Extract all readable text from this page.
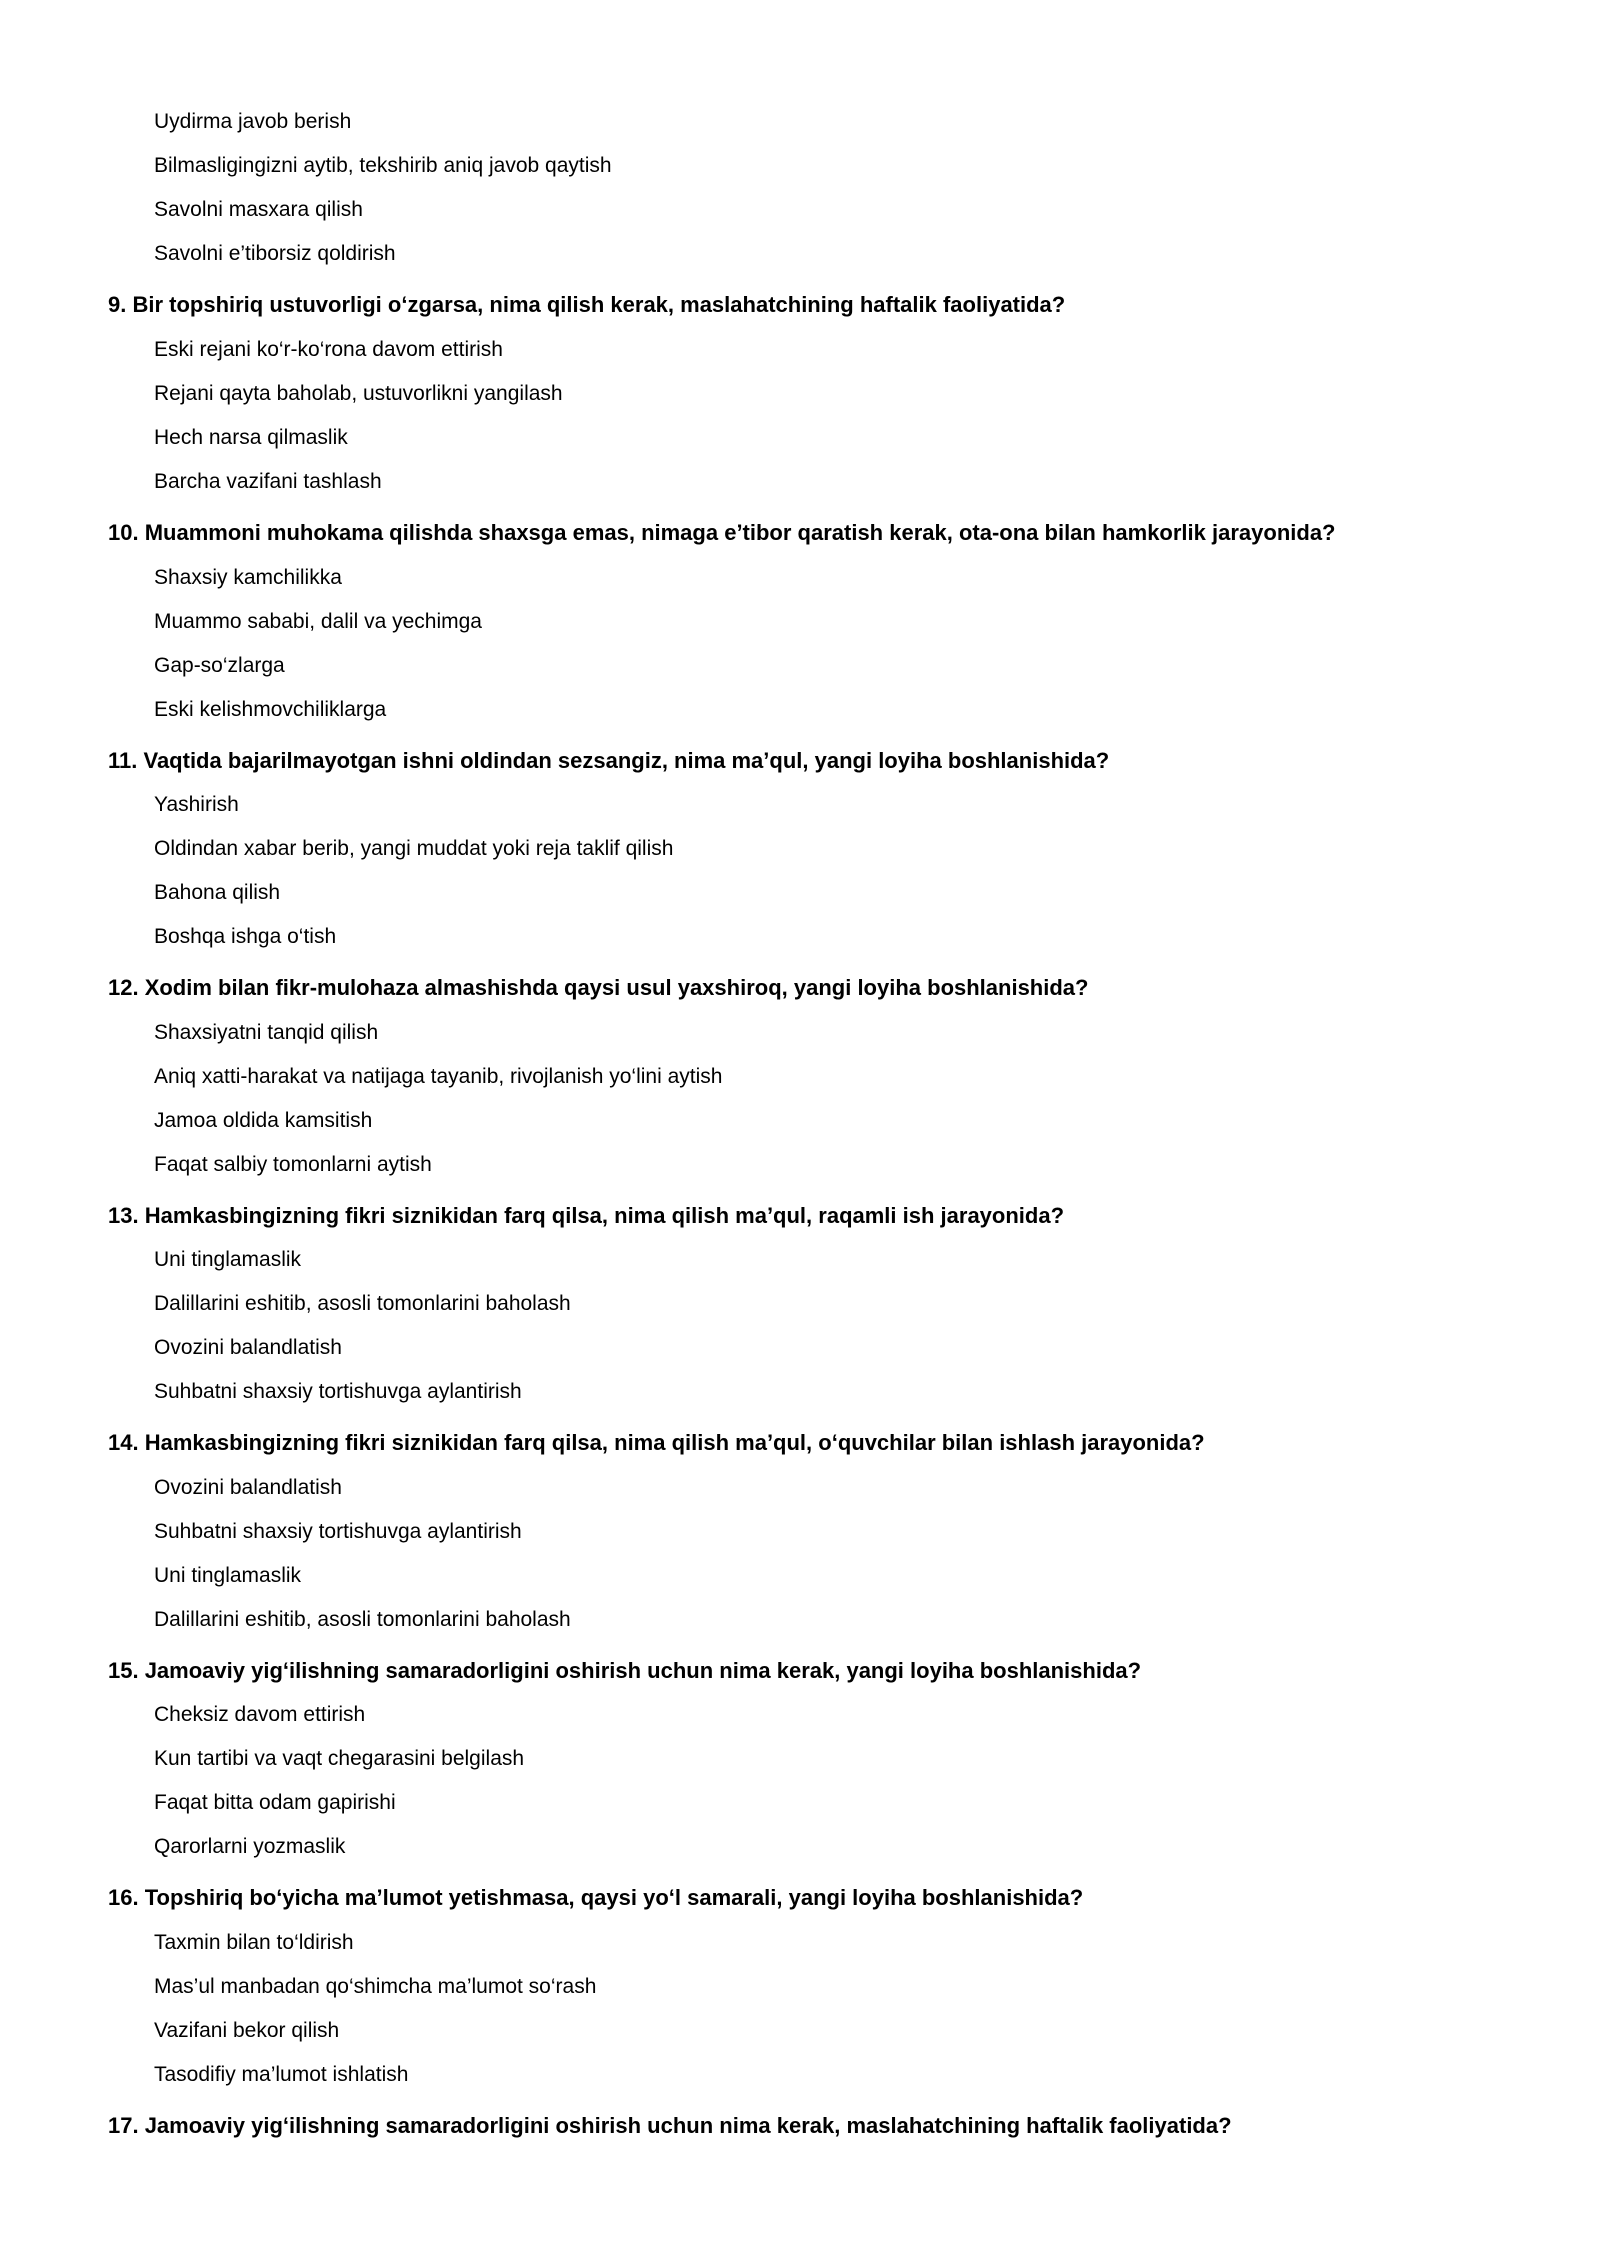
Uydirma javob berish
Bilmasligingizni aytib, tekshirib aniq javob qaytish
Savolni masxara qilish
Savolni e’tiborsiz qoldirish
9. Bir topshiriq ustuvorligi o‘zgarsa, nima qilish kerak, maslahatchining haftalik faoliyatida?
Eski rejani ko‘r-ko‘rona davom ettirish
Rejani qayta baholab, ustuvorlikni yangilash
Hech narsa qilmaslik
Barcha vazifani tashlash
10. Muammoni muhokama qilishda shaxsga emas, nimaga e’tibor qaratish kerak, ota-ona bilan hamkorlik jarayonida?
Shaxsiy kamchilikka
Muammo sababi, dalil va yechimga
Gap-so‘zlarga
Eski kelishmovchiliklarga
11. Vaqtida bajarilmayotgan ishni oldindan sezsangiz, nima ma’qul, yangi loyiha boshlanishida?
Yashirish
Oldindan xabar berib, yangi muddat yoki reja taklif qilish
Bahona qilish
Boshqa ishga o‘tish
12. Xodim bilan fikr-mulohaza almashishda qaysi usul yaxshiroq, yangi loyiha boshlanishida?
Shaxsiyatni tanqid qilish
Aniq xatti-harakat va natijaga tayanib, rivojlanish yo‘lini aytish
Jamoa oldida kamsitish
Faqat salbiy tomonlarni aytish
13. Hamkasbingizning fikri siznikidan farq qilsa, nima qilish ma’qul, raqamli ish jarayonida?
Uni tinglamaslik
Dalillarini eshitib, asosli tomonlarini baholash
Ovozini balandlatish
Suhbatni shaxsiy tortishuvga aylantirish
14. Hamkasbingizning fikri siznikidan farq qilsa, nima qilish ma’qul, o‘quvchilar bilan ishlash jarayonida?
Ovozini balandlatish
Suhbatni shaxsiy tortishuvga aylantirish
Uni tinglamaslik
Dalillarini eshitib, asosli tomonlarini baholash
15. Jamoaviy yig‘ilishning samaradorligini oshirish uchun nima kerak, yangi loyiha boshlanishida?
Cheksiz davom ettirish
Kun tartibi va vaqt chegarasini belgilash
Faqat bitta odam gapirishi
Qarorlarni yozmaslik
16. Topshiriq bo‘yicha ma’lumot yetishmasa, qaysi yo‘l samarali, yangi loyiha boshlanishida?
Taxmin bilan to‘ldirish
Mas’ul manbadan qo‘shimcha ma’lumot so‘rash
Vazifani bekor qilish
Tasodifiy ma’lumot ishlatish
17. Jamoaviy yig‘ilishning samaradorligini oshirish uchun nima kerak, maslahatchining haftalik faoliyatida?
